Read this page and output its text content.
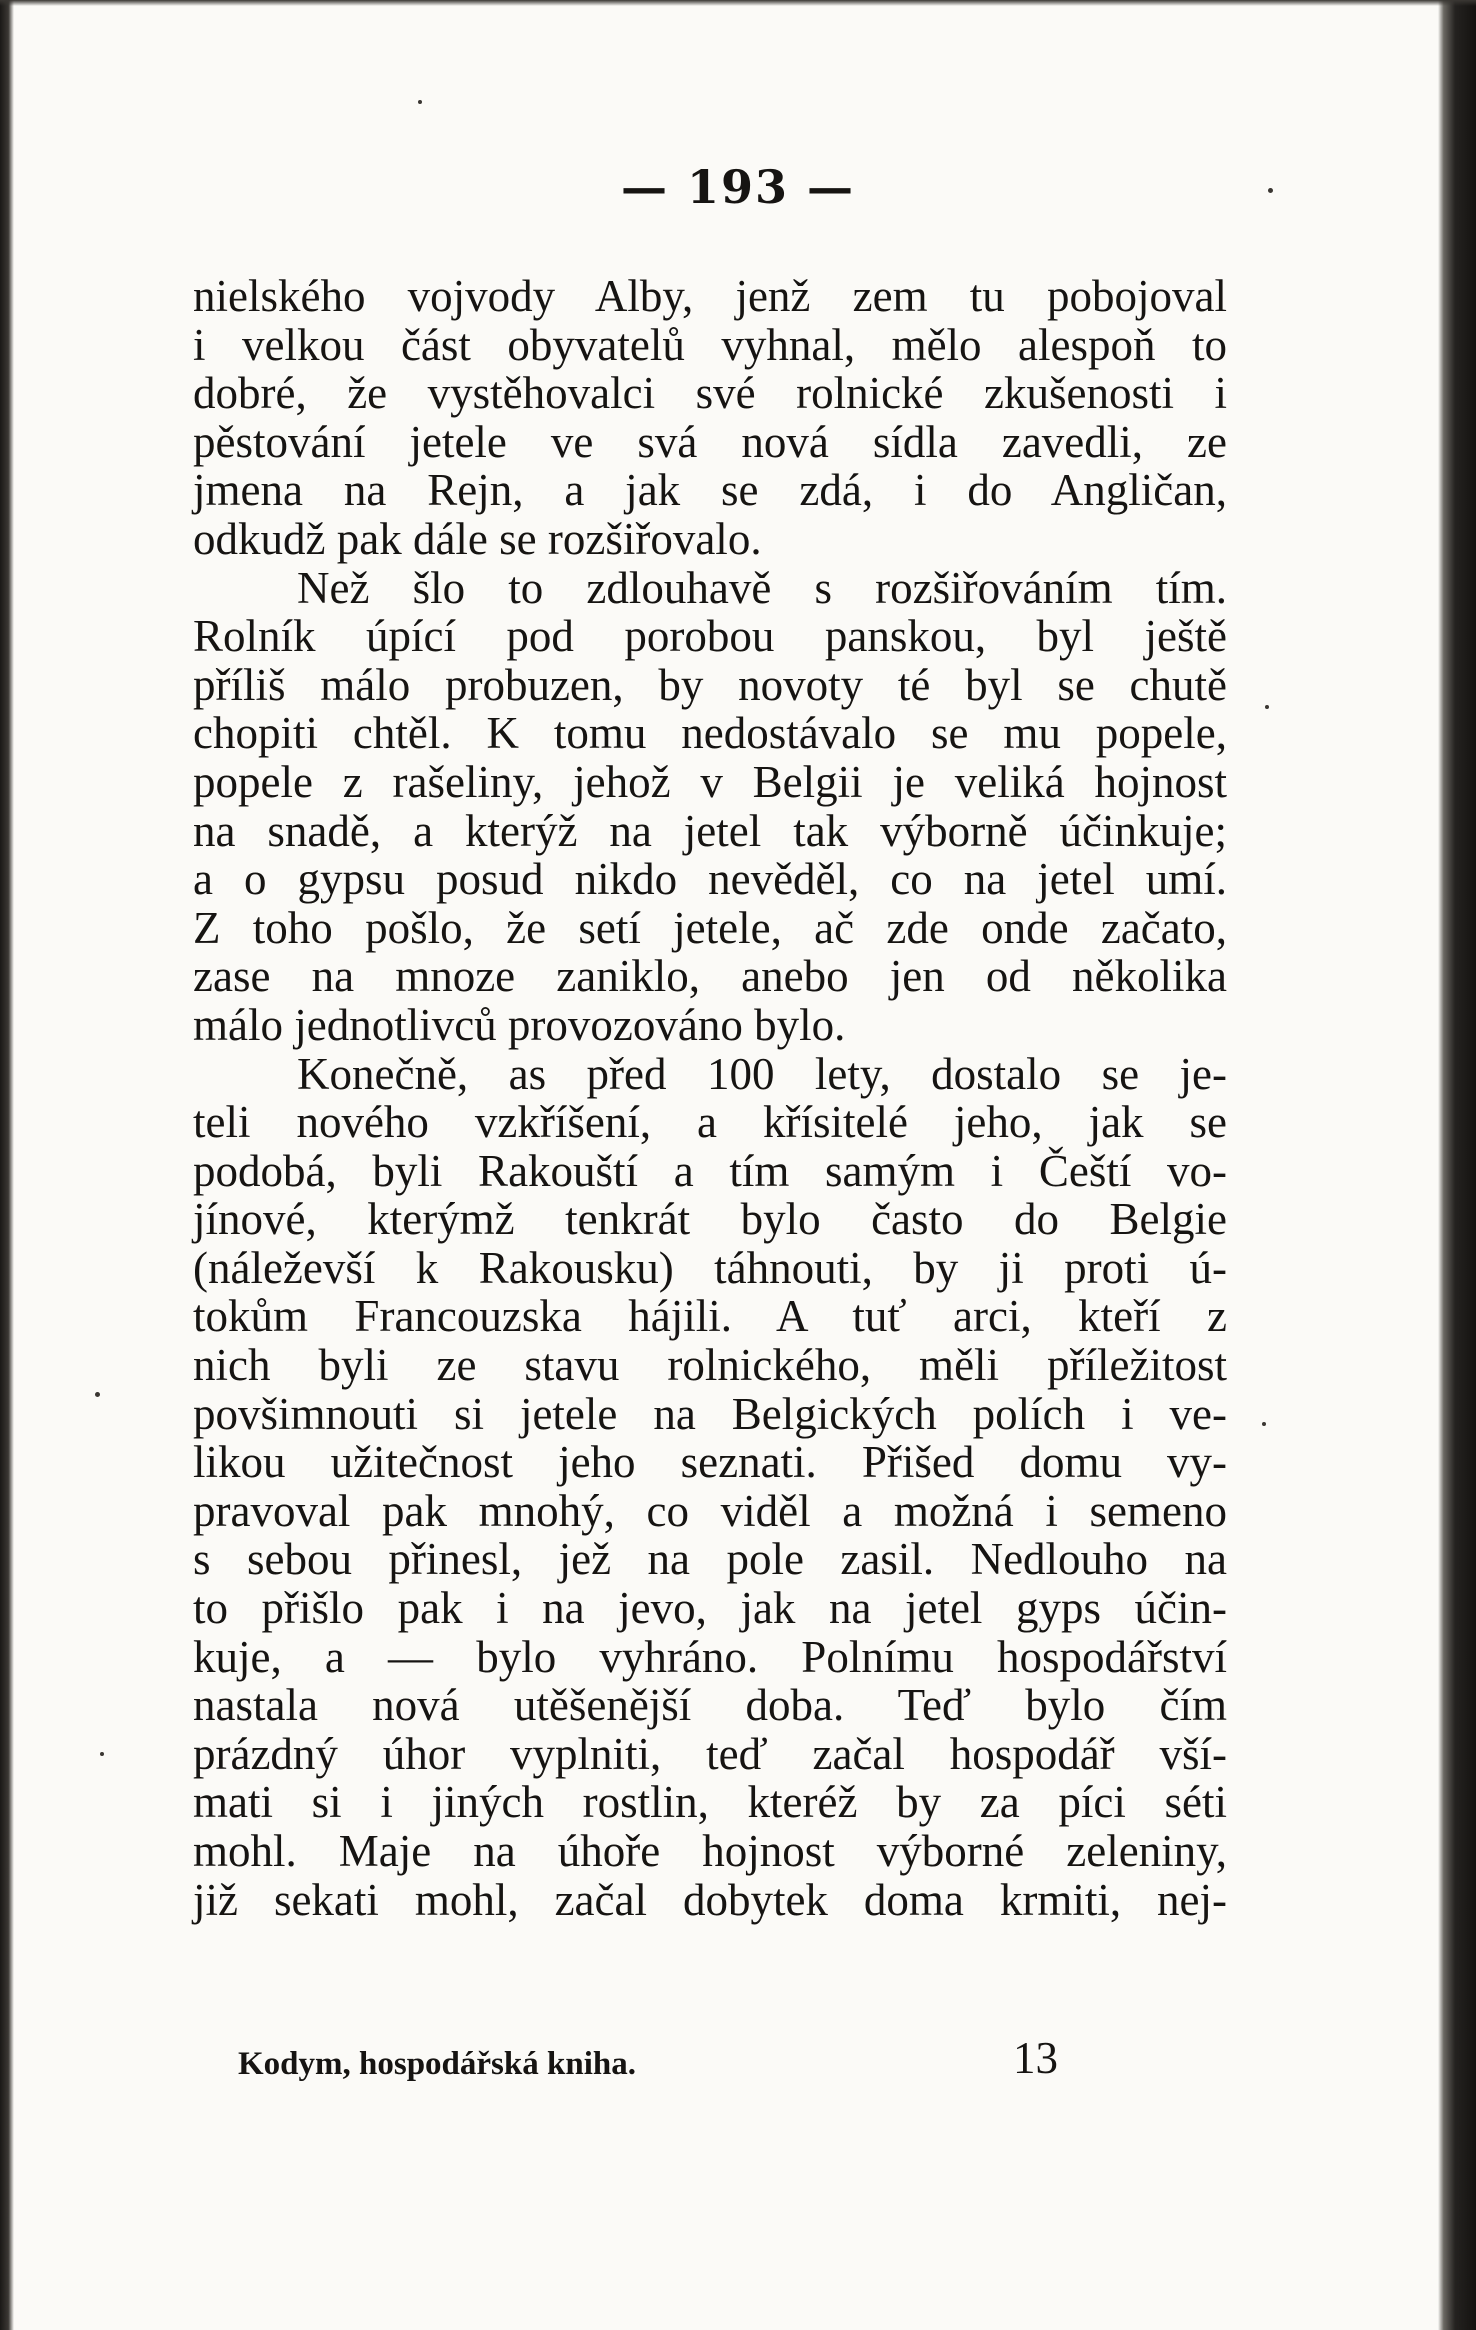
— 193 —
nielského vojvody Alby, jenž zem tu pobojoval
i velkou část obyvatelů vyhnal, mělo alespoň to
dobré, že vystěhovalci své rolnické zkušenosti i
pěstování jetele ve svá nová sídla zavedli, ze
jmena na Rejn, a jak se zdá, i do Angličan,
odkudž pak dále se rozšiřovalo.
Než šlo to zdlouhavě s rozšiřováním tím.
Rolník úpící pod porobou panskou, byl ještě
příliš málo probuzen, by novoty té byl se chutě
chopiti chtěl. K tomu nedostávalo se mu popele,
popele z rašeliny, jehož v Belgii je veliká hojnost
na snadě, a kterýž na jetel tak výborně účinkuje;
a o gypsu posud nikdo nevěděl, co na jetel umí.
Z toho pošlo, že setí jetele, ač zde onde začato,
zase na mnoze zaniklo, anebo jen od několika
málo jednotlivců provozováno bylo.
Konečně, as před 100 lety, dostalo se je-
teli nového vzkříšení, a křísitelé jeho, jak se
podobá, byli Rakouští a tím samým i Čeští vo-
jínové, kterýmž tenkrát bylo často do Belgie
(náleževší k Rakousku) táhnouti, by ji proti ú-
tokům Francouzska hájili. A tuť arci, kteří z
nich byli ze stavu rolnického, měli příležitost
povšimnouti si jetele na Belgických polích i ve-
likou užitečnost jeho seznati. Přišed domu vy-
pravoval pak mnohý, co viděl a možná i semeno
s sebou přinesl, jež na pole zasil. Nedlouho na
to přišlo pak i na jevo, jak na jetel gyps účin-
kuje, a — bylo vyhráno. Polnímu hospodářství
nastala nová utěšenější doba. Teď bylo čím
prázdný úhor vyplniti, teď začal hospodář vší-
mati si i jiných rostlin, kteréž by za píci séti
mohl. Maje na úhoře hojnost výborné zeleniny,
již sekati mohl, začal dobytek doma krmiti, nej-
Kodym, hospodářská kniha.	13
